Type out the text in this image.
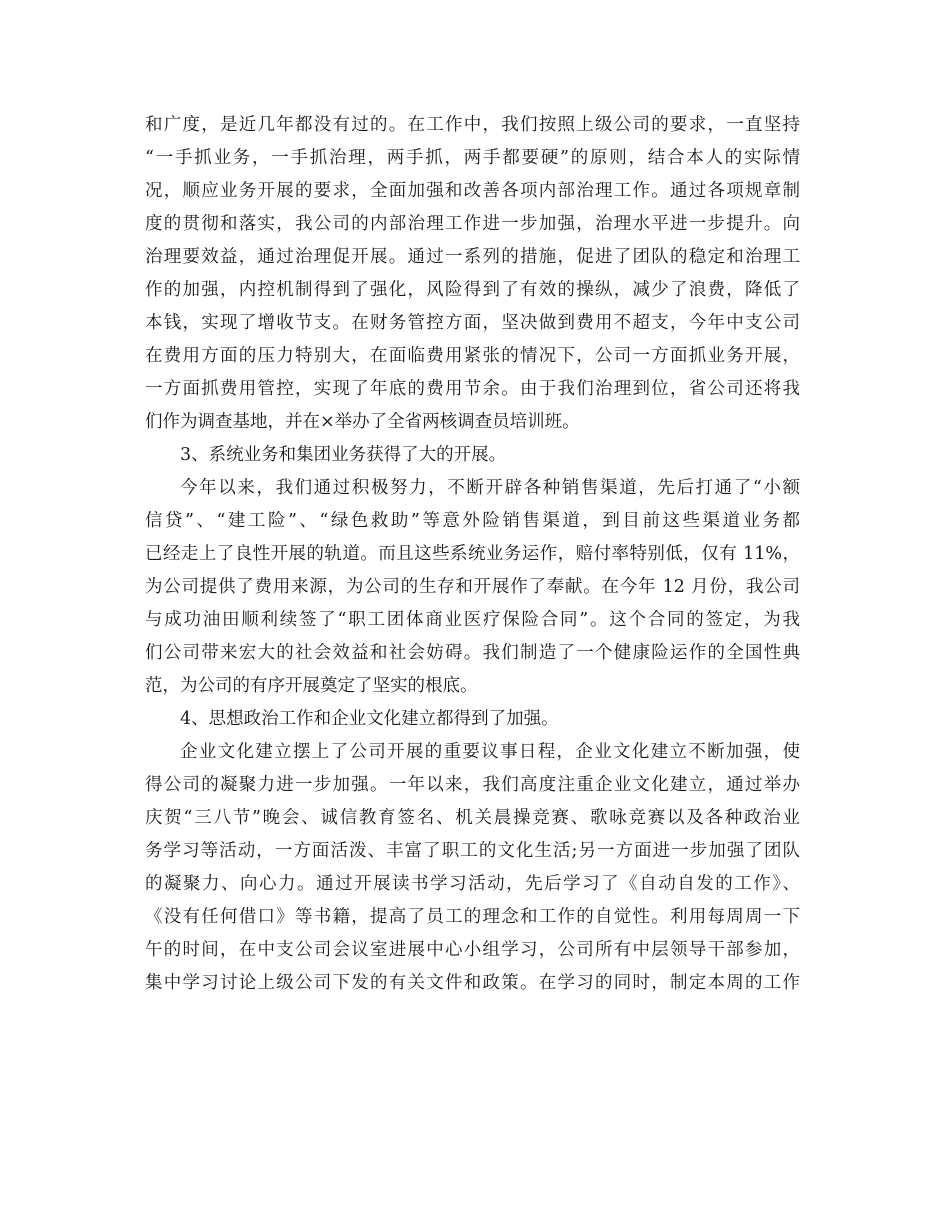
和广度，是近几年都没有过的。在工作中，我们按照上级公司的要求，一直坚持
“一手抓业务，一手抓治理，两手抓，两手都要硬”的原则，结合本人的实际情
况，顺应业务开展的要求，全面加强和改善各项内部治理工作。通过各项规章制
度的贯彻和落实，我公司的内部治理工作进一步加强，治理水平进一步提升。向
治理要效益，通过治理促开展。通过一系列的措施，促进了团队的稳定和治理工
作的加强，内控机制得到了强化，风险得到了有效的操纵，减少了浪费，降低了
本钱，实现了增收节支。在财务管控方面，坚决做到费用不超支，今年中支公司
在费用方面的压力特别大，在面临费用紧张的情况下，公司一方面抓业务开展，
一方面抓费用管控，实现了年底的费用节余。由于我们治理到位，省公司还将我
们作为调查基地，并在×举办了全省两核调查员培训班。
3、系统业务和集团业务获得了大的开展。
今年以来，我们通过积极努力，不断开辟各种销售渠道，先后打通了“小额
信贷”、“建工险”、“绿色救助”等意外险销售渠道，到目前这些渠道业务都
已经走上了良性开展的轨道。而且这些系统业务运作，赔付率特别低，仅有 11%，
为公司提供了费用来源，为公司的生存和开展作了奉献。在今年 12 月份，我公司
与成功油田顺利续签了“职工团体商业医疗保险合同”。这个合同的签定，为我
们公司带来宏大的社会效益和社会妨碍。我们制造了一个健康险运作的全国性典
范，为公司的有序开展奠定了坚实的根底。
4、思想政治工作和企业文化建立都得到了加强。
企业文化建立摆上了公司开展的重要议事日程，企业文化建立不断加强，使
得公司的凝聚力进一步加强。一年以来，我们高度注重企业文化建立，通过举办
庆贺“三八节”晚会、诚信教育签名、机关晨操竞赛、歌咏竞赛以及各种政治业
务学习等活动，一方面活泼、丰富了职工的文化生活;另一方面进一步加强了团队
的凝聚力、向心力。通过开展读书学习活动，先后学习了《自动自发的工作》、
《没有任何借口》等书籍，提高了员工的理念和工作的自觉性。利用每周周一下
午的时间，在中支公司会议室进展中心小组学习，公司所有中层领导干部参加，
集中学习讨论上级公司下发的有关文件和政策。在学习的同时，制定本周的工作
